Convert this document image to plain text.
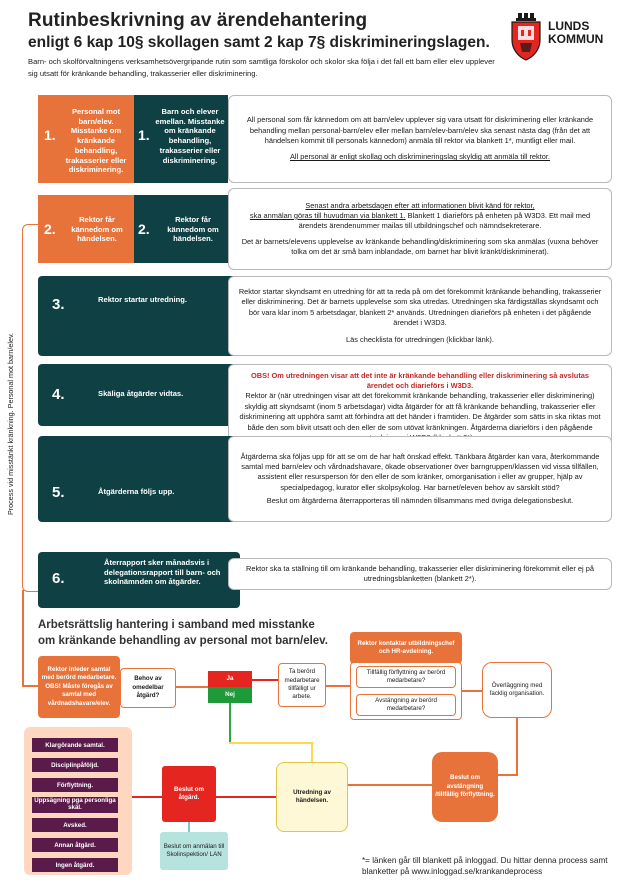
Rutinbeskrivning av ärendehantering
enligt 6 kap 10§ skollagen samt 2 kap 7§ diskrimineringslagen.
Barn- och skolförvaltningens verksamhetsövergripande rutin som samtliga förskolor och skolor ska följa i det fall ett barn eller elev upplever sig utsatt för kränkande behandling, trakasserier eller diskriminering.
LUNDS
KOMMUN
Process vid misstänkt kränkning. Personal mot barn/elev.
1.
Personal mot barn/elev. Misstanke om kränkande behandling, trakasserier eller diskriminering.
1.
Barn och elever emellan. Misstanke om kränkande behandling, trakasserier eller diskriminering.

All personal som får kännedom om att barn/elev upplever sig vara utsatt för diskriminering eller kränkande behandling mellan personal-barn/elev eller mellan barn/elev-barn/elev ska senast nästa dag (från det att händelsen kommit till personals kännedom) anmäla till rektor via blankett 1*, muntligt eller mail.

All personal är enligt skollag och diskrimineringslag skyldig att anmäla till rektor.

2.
Rektor får kännedom om händelsen.
2.
Rektor får kännedom om händelsen.

Senast andra arbetsdagen efter att informationen blivit känd för rektor,

ska anmälan göras till huvudman via blankett 1. Blankett 1 diarieförs på enheten på W3D3. Ett mail med ärendets ärendenummer mailas till utbildningschef och nämndsekreterare.

Det är barnets/elevens upplevelse av kränkande behandling/diskriminering som ska anmälas (vuxna behöver tolka om det är små barn inblandade, om barnet har blivit kränkt/diskriminerat).

3.	Rektor startar utredning.

Rektor startar skyndsamt en utredning för att ta reda på om det förekommit kränkande behandling, trakasserier eller diskriminering. Det är barnets upplevelse som ska utredas. Utredningen ska färdigställas skyndsamt och bör vara klar inom 5 arbetsdagar, blankett 2* används. Utredningen diarieförs på enheten i det pågående ärendet i W3D3.

Läs checklista för utredningen (klickbar länk).

4.	Skäliga åtgärder vidtas.

OBS! Om utredningen visar att det inte är kränkande behandling eller diskriminering så avslutas ärendet och diarieförs i W3D3.

Rektor är (när utredningen visar att det förekommit kränkande behandling, trakasserier eller diskriminering) skyldig att skyndsamt (inom 5 arbetsdagar) vidta åtgärder för att få kränkande behandling, trakasserier eller diskriminering att upphöra samt att förhindra att det händer i framtiden. De åtgärder som sätts in ska riktas mot både den som blivit utsatt och den eller de som utövat kränkningen. Åtgärderna diarieförs i den pågående

5.	Åtgärderna följs upp.

Åtgärderna ska följas upp för att se om de har haft önskad effekt. Tänkbara åtgärder kan vara, återkommande samtal med barn/elev och vårdnadshavare, ökade observationer över barngruppen/klassen vid vissa tillfällen, assistent eller resursperson för den eller de som kränker, omorganisation i eller av grupper, hjälp av specialpedagog, kurator eller skolpsykolog. Har barnet/eleven behov av särskilt stöd?

Beslut om åtgärderna återrapporteras till nämnden tillsammans med övriga delegationsbeslut.

6.
Återrapport sker månadsvis i delegationsrapport till barn- och skolnämnden om åtgärder.

Rektor ska ta ställning till om kränkande behandling, trakasserier eller diskriminering förekommit eller ej på utredningsblanketten (blankett 2*).

Arbetsrättslig hantering i samband med misstanke
om kränkande behandling av personal mot barn/elev.
Rektor inleder samtal med berörd medarbetare. OBS! Måste föregås av samtal med vårdnadshavare/elev.
Behov av omedelbar åtgärd?
Ja
Nej
Ta berörd medarbetare tillfälligt ur arbete.
Rektor kontaktar utbildningschef och HR-avdelning.
Tillfällig förflyttning av berörd medarbetare?
Avstängning av berörd medarbetare?
Överläggning med facklig organisation.
Beslut om avstängning /tillfällig förflyttning.
Utredning av händelsen.
Beslut om åtgärd.
Beslut om anmälan till Skolinspektion/ LAN
Klargörande samtal.
Disciplinpåföljd.
Förflyttning.
Uppsägning pga personliga skäl.
Avsked.
Annan åtgärd.
Ingen åtgärd.	*= länken går till blankett på inloggad. Du hittar denna process samt blanketter på www.inloggad.se/krankandeprocess
